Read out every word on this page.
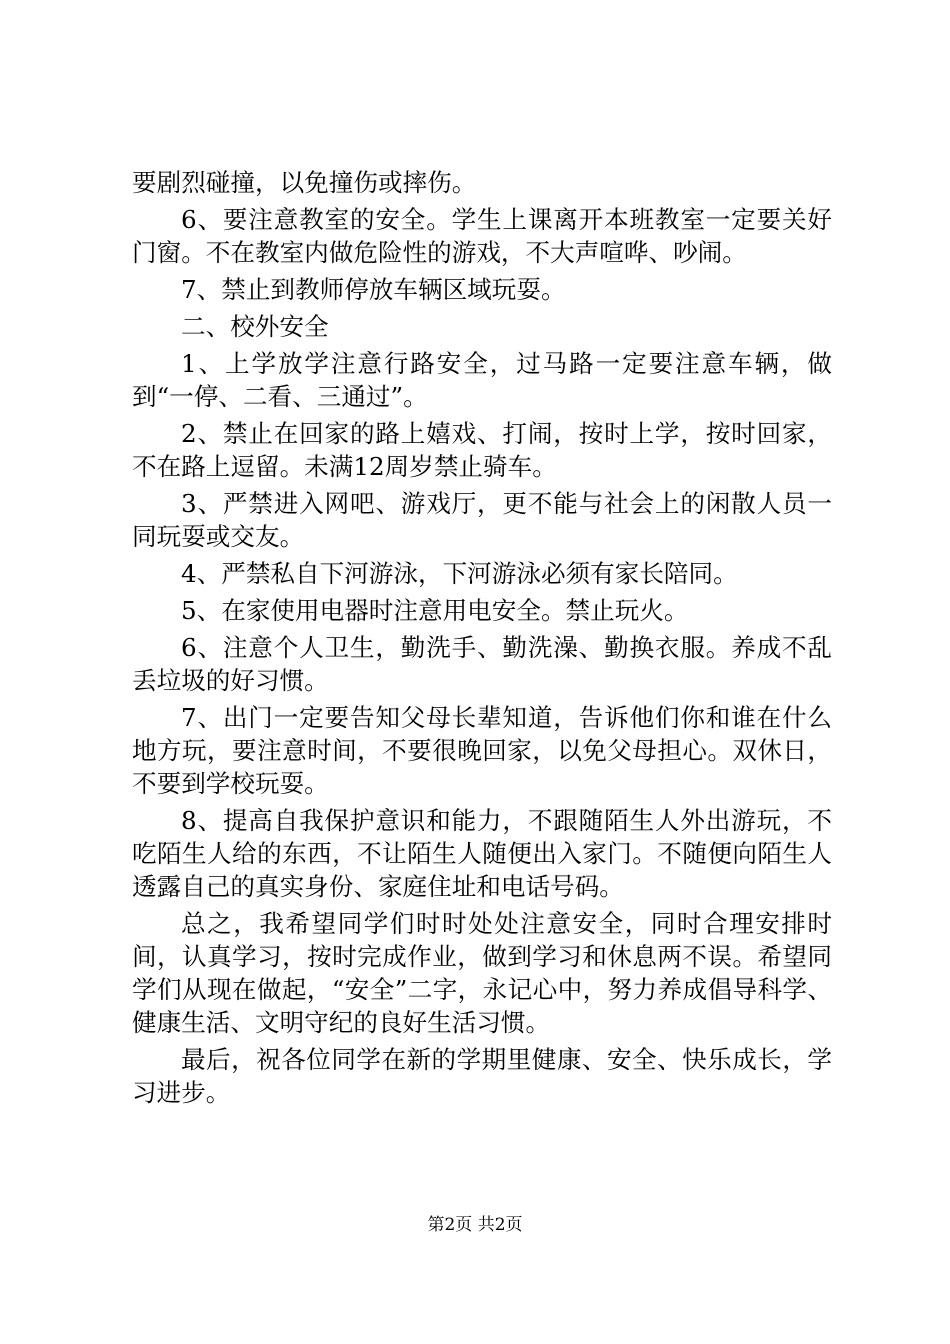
要剧烈碰撞，以免撞伤或摔伤。

6、要注意教室的安全。学生上课离开本班教室一定要关好门窗。不在教室内做危险性的游戏，不大声喧哗、吵闹。

7、禁止到教师停放车辆区域玩耍。

二、校外安全

1、上学放学注意行路安全，过马路一定要注意车辆，做到“一停、二看、三通过”。

2、禁止在回家的路上嬉戏、打闹，按时上学，按时回家，不在路上逗留。未满12周岁禁止骑车。

3、严禁进入网吧、游戏厅，更不能与社会上的闲散人员一同玩耍或交友。

4、严禁私自下河游泳，下河游泳必须有家长陪同。

5、在家使用电器时注意用电安全。禁止玩火。

6、注意个人卫生，勤洗手、勤洗澡、勤换衣服。养成不乱丢垃圾的好习惯。

7、出门一定要告知父母长辈知道，告诉他们你和谁在什么地方玩，要注意时间，不要很晚回家，以免父母担心。双休日，不要到学校玩耍。

8、提高自我保护意识和能力，不跟随陌生人外出游玩，不吃陌生人给的东西，不让陌生人随便出入家门。不随便向陌生人透露自己的真实身份、家庭住址和电话号码。

总之，我希望同学们时时处处注意安全，同时合理安排时间，认真学习，按时完成作业，做到学习和休息两不误。希望同学们从现在做起，“安全”二字，永记心中，努力养成倡导科学、健康生活、文明守纪的良好生活习惯。

最后，祝各位同学在新的学期里健康、安全、快乐成长，学习进步。

第2页 共2页
